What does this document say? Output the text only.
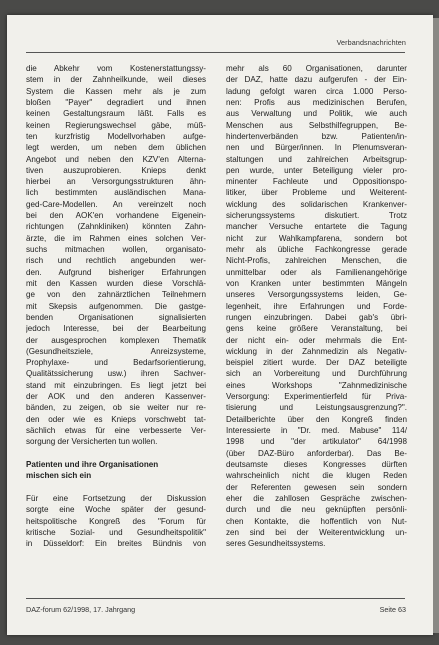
Verbandsnachrichten
die Abkehr vom Kostenerstattungssy-
stem in der Zahnheilkunde, weil dieses
System die Kassen mehr als je zum
bloßen "Payer" degradiert und ihnen
keinen Gestaltungsraum läßt. Falls es
keinen Regierungswechsel gäbe, müß-
ten kurzfristig Modellvorhaben aufge-
legt werden, um neben dem üblichen
Angebot und neben den KZV'en Alterna-
tiven auszuprobieren. Knieps denkt
hierbei an Versorgungsstrukturen ähn-
lich bestimmten ausländischen Mana-
ged-Care-Modellen. An vereinzelt noch
bei den AOK'en vorhandene Eigenein-
richtungen (Zahnkliniken) könnten Zahn-
ärzte, die im Rahmen eines solchen Ver-
suchs mitmachen wollen, organisato-
risch und rechtlich angebunden wer-
den. Aufgrund bisheriger Erfahrungen
mit den Kassen wurden diese Vorschlä-
ge von den zahnärztlichen Teilnehmern
mit Skepsis aufgenommen. Die gastge-
benden Organisationen signalisierten
jedoch Interesse, bei der Bearbeitung
der ausgesprochen komplexen Thematik
(Gesundheitsziele, Anreizsysteme,
Prophylaxe- und Bedarfsorientierung,
Qualitätssicherung usw.) ihren Sachver-
stand mit einzubringen. Es liegt jetzt bei
der AOK und den anderen Kassenver-
bänden, zu zeigen, ob sie weiter nur re-
den oder wie es Knieps vorschwebt tat-
sächlich etwas für eine verbesserte Ver-
sorgung der Versicherten tun wollen.
Patienten und ihre Organisationen
mischen sich ein
Für eine Fortsetzung der Diskussion
sorgte eine Woche später der gesund-
heitspolitische Kongreß des "Forum für
kritische Sozial- und Gesundheitspolitik"
in Düsseldorf: Ein breites Bündnis von
mehr als 60 Organisationen, darunter
der DAZ, hatte dazu aufgerufen - der Ein-
ladung gefolgt waren circa 1.000 Perso-
nen: Profis aus medizinischen Berufen,
aus Verwaltung und Politik, wie auch
Menschen aus Selbsthilfegruppen, Be-
hindertenverbänden bzw. Patienten/in-
nen und Bürger/innen. In Plenumsveran-
staltungen und zahlreichen Arbeitsgrup-
pen wurde, unter Beteiligung vieler pro-
minenter Fachleute und Oppositionspo-
litiker, über Probleme und Weiterent-
wicklung des solidarischen Krankenver-
sicherungssystems diskutiert. Trotz
mancher Versuche entartete die Tagung
nicht zur Wahlkampfarena, sondern bot
mehr als übliche Fachkongresse gerade
Nicht-Profis, zahlreichen Menschen, die
unmittelbar oder als Familienangehörige
von Kranken unter bestimmten Mängeln
unseres Versorgungssystems leiden, Ge-
legenheit, ihre Erfahrungen und Forde-
rungen einzubringen. Dabei gab's übri-
gens keine größere Veranstaltung, bei
der nicht ein- oder mehrmals die Ent-
wicklung in der Zahnmedizin als Negativ-
beispiel zitiert wurde. Der DAZ beteiligte
sich an Vorbereitung und Durchführung
eines Workshops "Zahnmedizinische
Versorgung: Experimentierfeld für Priva-
tisierung und Leistungsausgrenzung?".
Detailberichte über den Kongreß finden
Interessierte in "Dr. med. Mabuse" 114/
1998 und "der artikulator" 64/1998
(über DAZ-Büro anforderbar). Das Be-
deutsamste dieses Kongresses dürften
wahrscheinlich nicht die klugen Reden
der Referenten gewesen sein sondern
eher die zahllosen Gespräche zwischen-
durch und die neu geknüpften persönli-
chen Kontakte, die hoffentlich von Nut-
zen sind bei der Weiterentwicklung un-
seres Gesundheitssystems.
DAZ-forum 62/1998, 17. Jahrgang	Seite 63
